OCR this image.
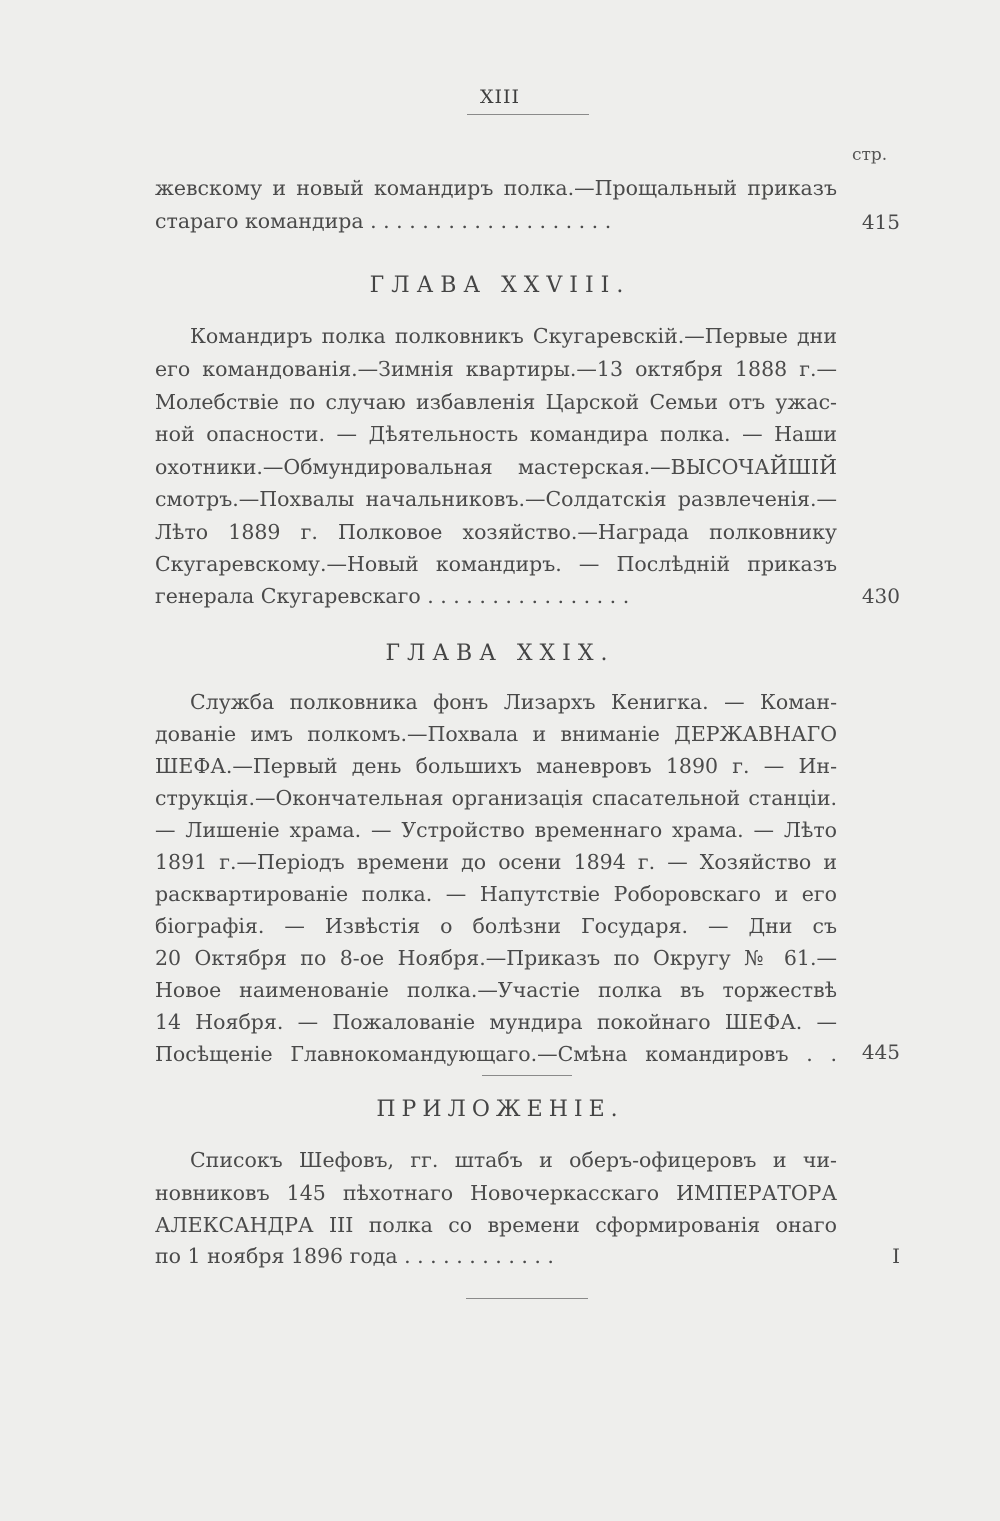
XIII
стр.
жевскому и новый командиръ полка.—Прощальный приказъ
стараго командира . . . . . . . . . . . . . . . . . . .	415
ГЛАВА XXVIII.
Командиръ полка полковникъ Скугаревскій.—Первые дни
его командованія.—Зимнія квартиры.—13 октября 1888 г.—
Молебствіе по случаю избавленія Царской Семьи отъ ужас-
ной опасности. — Дѣятельность командира полка. — Наши
охотники.—Обмундировальная мастерская.—ВЫСОЧАЙШІЙ
смотръ.—Похвалы начальниковъ.—Солдатскія развлеченія.—
Лѣто 1889 г. Полковое хозяйство.—Награда полковнику
Скугаревскому.—Новый командиръ. — Послѣдній приказъ
генерала Скугаревскаго . . . . . . . . . . . . . . . .	430
ГЛАВА XXIX.
Служба полковника фонъ Лизархъ Кенигка. — Коман-
дованіе имъ полкомъ.—Похвала и вниманіе ДЕРЖАВНАГО
ШЕФА.—Первый день большихъ маневровъ 1890 г. — Ин-
струкція.—Окончательная организація спасательной станціи.
— Лишеніе храма. — Устройство временнаго храма. — Лѣто
1891 г.—Періодъ времени до осени 1894 г. — Хозяйство и
расквартированіе полка. — Напутствіе Роборовскаго и его
біографія. — Извѣстія о болѣзни Государя. — Дни съ
20 Октября по 8-ое Ноября.—Приказъ по Округу № 61.—
Новое наименованіе полка.—Участіе полка въ торжествѣ
14 Ноября. — Пожалованіе мундира покойнаго ШЕФА. —
Посѣщеніе Главнокомандующаго.—Смѣна командировъ . .	445
ПРИЛОЖЕНІЕ.
Списокъ Шефовъ, гг. штабъ и оберъ-офицеровъ и чи-
новниковъ 145 пѣхотнаго Новочеркасскаго ИМПЕРАТОРА
АЛЕКСАНДРА III полка со времени сформированія онаго
по 1 ноября 1896 года . . . . . . . . . . . .	I
